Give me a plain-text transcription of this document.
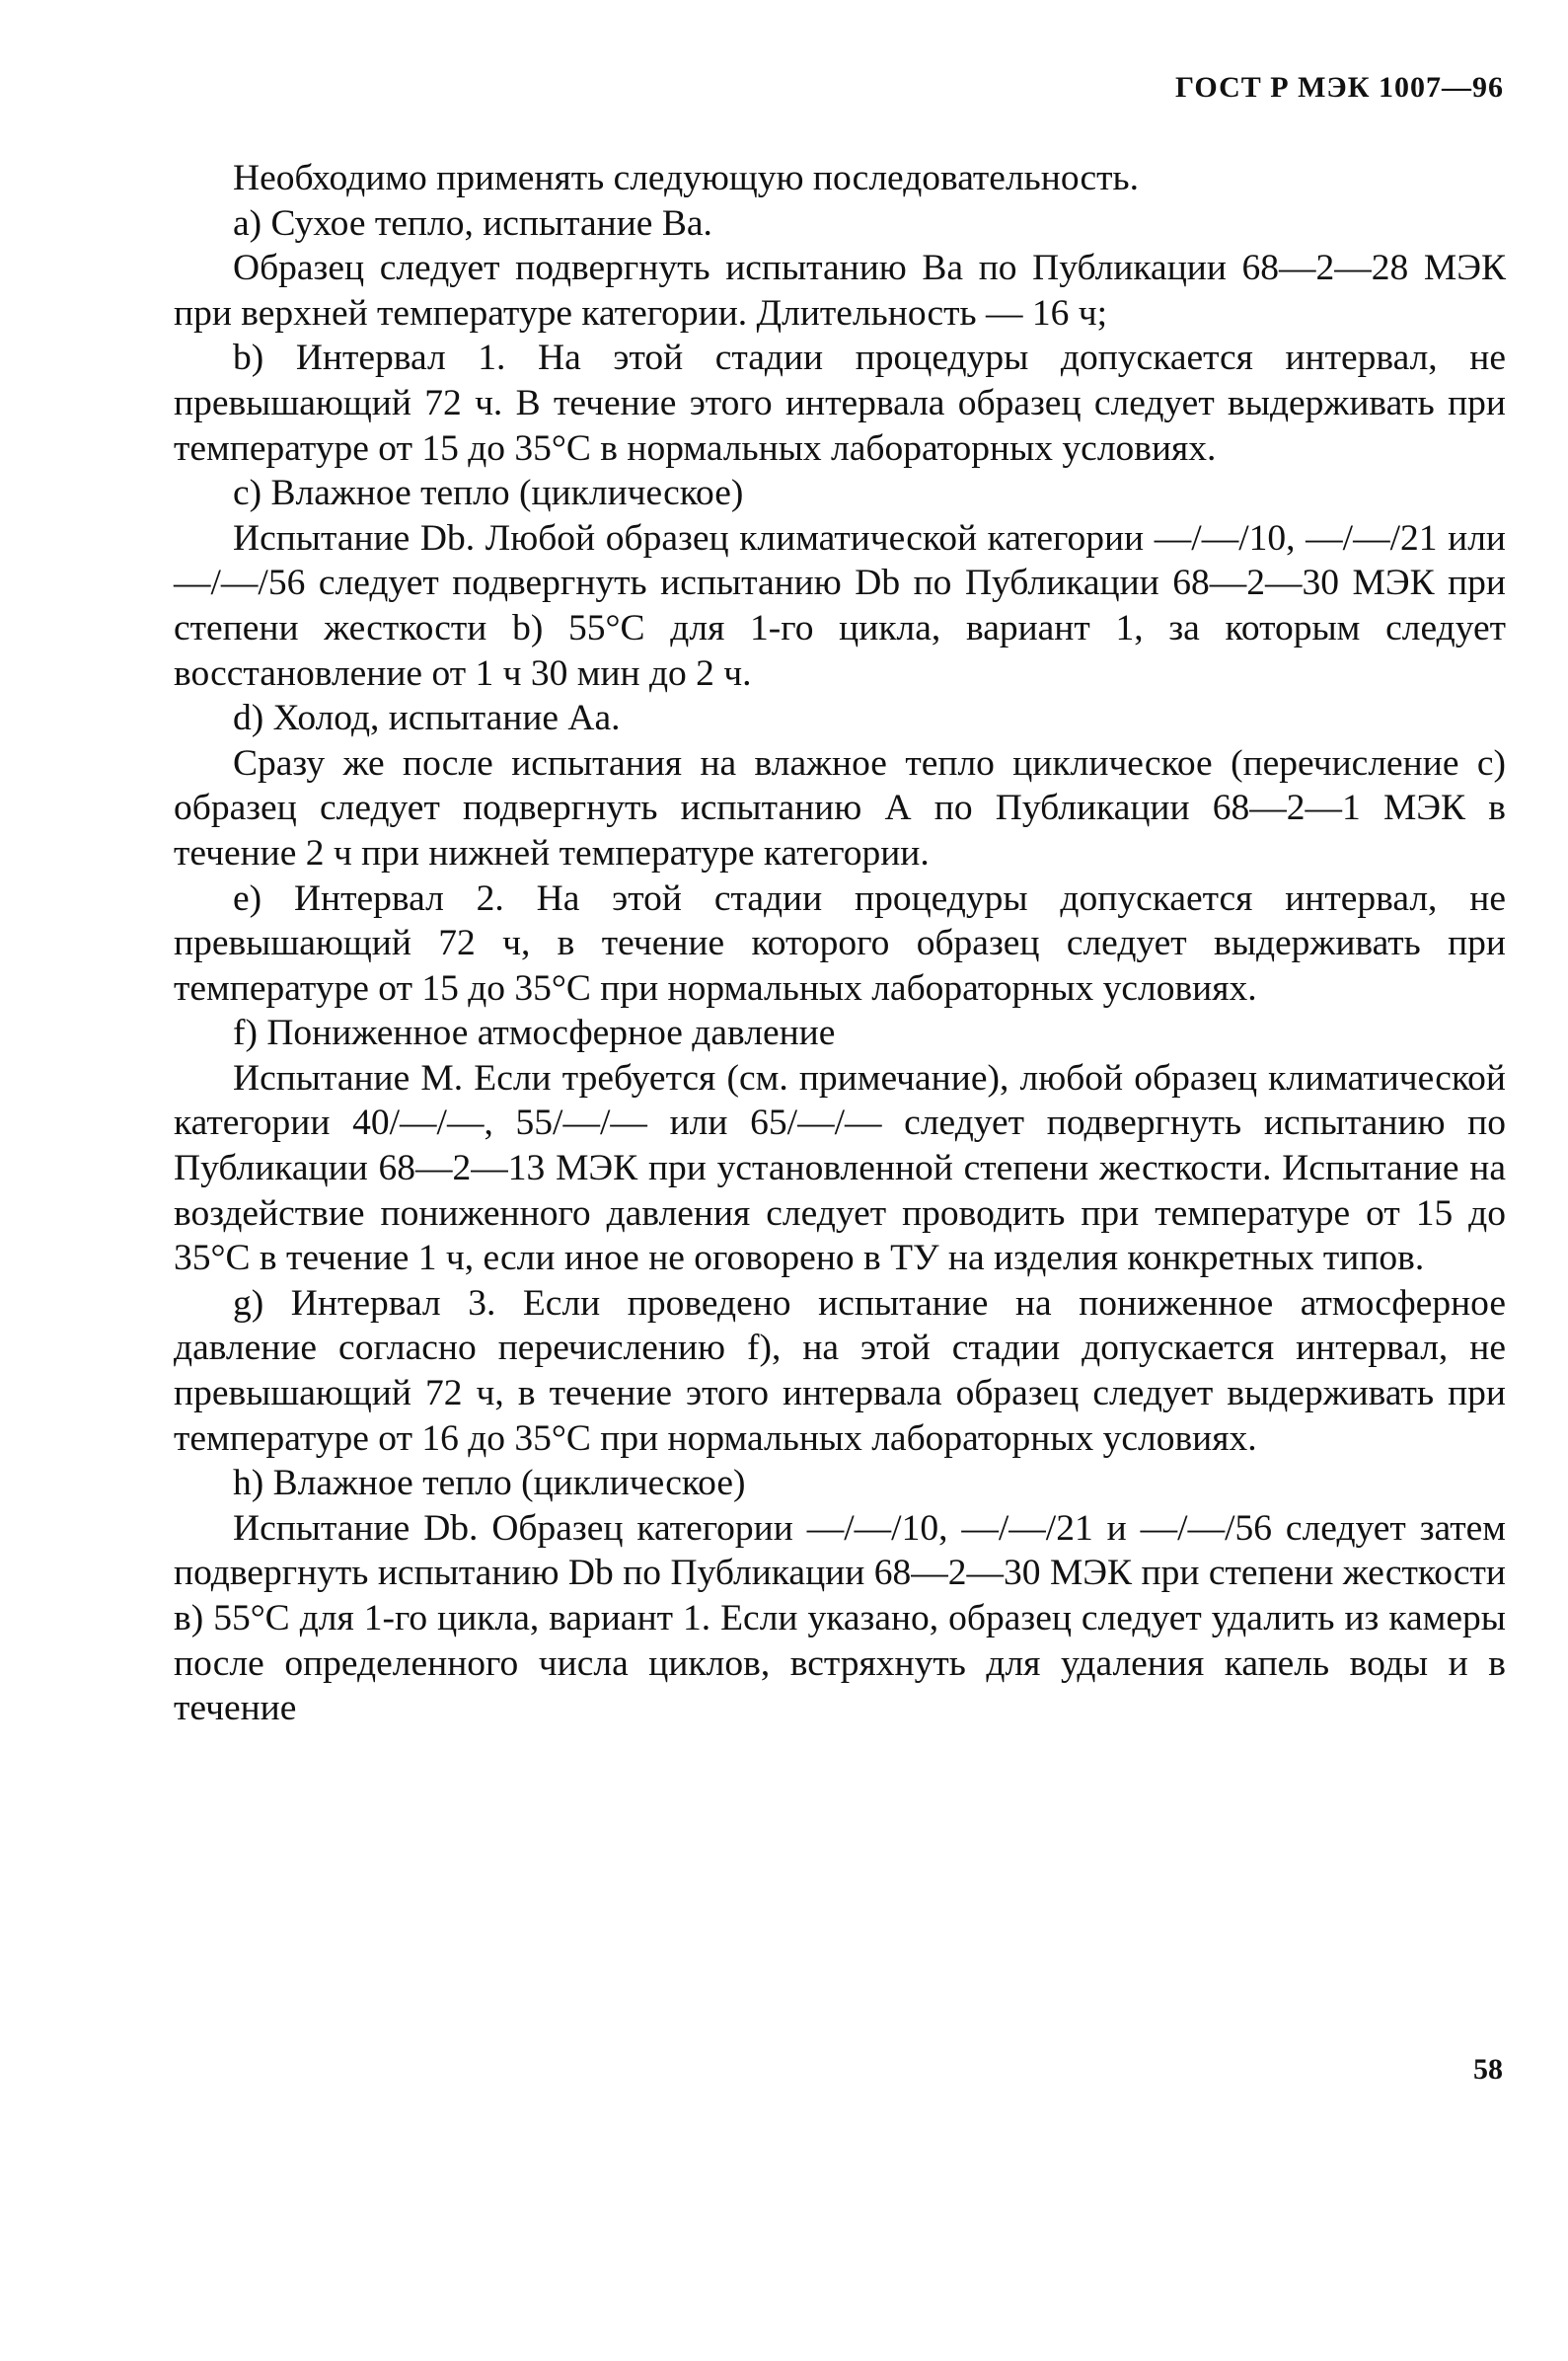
ГОСТ Р МЭК 1007—96

Необходимо применять следующую последовательность.

а) Сухое тепло, испытание Ba.

Образец следует подвергнуть испытанию Ba по Публикации 68—2—28 МЭК при верхней температуре категории. Длительность — 16 ч;

b) Интервал 1. На этой стадии процедуры допускается интервал, не превышающий 72 ч. В течение этого интервала образец следует выдерживать при температуре от 15 до 35°С в нормальных лабораторных условиях.

c) Влажное тепло (циклическое)

Испытание Db. Любой образец климатической категории —/—/10, —/—/21 или —/—/56 следует подвергнуть испытанию Db по Публикации 68—2—30 МЭК при степени жесткости b) 55°С для 1-го цикла, вариант 1, за которым следует восстановление от 1 ч 30 мин до 2 ч.

d) Холод, испытание Aa.

Сразу же после испытания на влажное тепло циклическое (перечисление с) образец следует подвергнуть испытанию А по Публикации 68—2—1 МЭК в течение 2 ч при нижней температуре категории.

е) Интервал 2. На этой стадии процедуры допускается интервал, не превышающий 72 ч, в течение которого образец следует выдерживать при температуре от 15 до 35°С при нормальных лабораторных условиях.

f) Пониженное атмосферное давление

Испытание М. Если требуется (см. примечание), любой образец климатической категории 40/—/—, 55/—/— или 65/—/— следует подвергнуть испытанию по Публикации 68—2—13 МЭК при установленной степени жесткости. Испытание на воздействие пониженного давления следует проводить при температуре от 15 до 35°С в течение 1 ч, если иное не оговорено в ТУ на изделия конкретных типов.

g) Интервал 3. Если проведено испытание на пониженное атмосферное давление согласно перечислению f), на этой стадии допускается интервал, не превышающий 72 ч, в течение этого интервала образец следует выдерживать при температуре от 16 до 35°С при нормальных лабораторных условиях.

h) Влажное тепло (циклическое)

Испытание Db. Образец категории —/—/10, —/—/21 и —/—/56 следует затем подвергнуть испытанию Db по Публикации 68—2—30 МЭК при степени жесткости в) 55°С для 1-го цикла, вариант 1. Если указано, образец следует удалить из камеры после определенного числа циклов, встряхнуть для удаления капель воды и в течение

58
